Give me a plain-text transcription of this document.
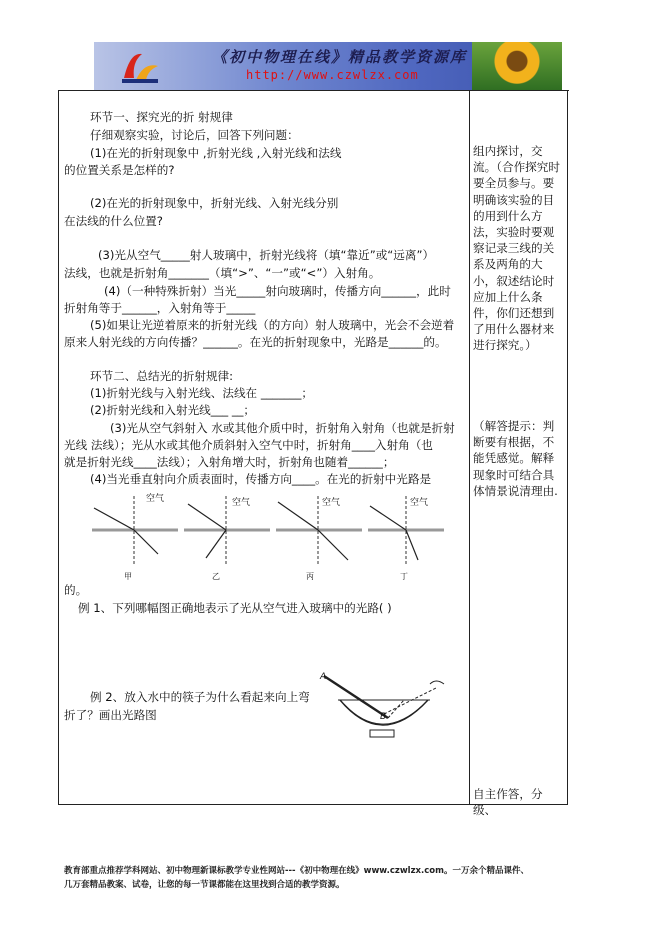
《初中物理在线》精品教学资源库
http://www.czwlzx.com
环节一、探究光的折 射规律
仔细观察实验，讨论后，回答下列问题：
(1)在光的折射现象中 ,折射光线 ,入射光线和法线
的位置关系是怎样的?
(2)在光的折射现象中，折射光线、入射光线分别
在法线的什么位置?
(3)光从空气_____射人玻璃中，折射光线将（填“靠近”或“远离”）
法线，也就是折射角_______（填“>”、“一”或“<”）入射角。
(4)（一种特殊折射）当光_____射向玻璃时，传播方向______，此时
折射角等于______，入射角等于_____
(5)如果让光逆着原来的折射光线（的方向）射人玻璃中，光会不会逆着
原来人射光线的方向传播？______。在光的折射现象中，光路是______的。
环节二、总结光的折射规律:
(1)折射光线与入射光线、法线在 _______；
(2)折射光线和入射光线___ __；
(3)光从空气斜射入 水或其他介质中时，折射角入射角（也就是折射
光线 法线）；光从水或其他介质斜射入空气中时，折射角____入射角（也
就是折射光线____法线）；入射角增大时，折射角也随着______；
(4)当光垂直射向介质表面时，传播方向____。在光的折射中光路是
空气	空气	空气	空气
甲	乙	丙	丁
的。
例 1、下列哪幅图正确地表示了光从空气进入玻璃中的光路( )
A
B
例 2、放入水中的筷子为什么看起来向上弯
折了？画出光路图
组内探讨，交流。（合作探究时要全员参与。要明确该实验的目的用到什么方法，实验时要观察记录三线的关系及两角的大小，叙述结论时应加上什么条件，你们还想到了用什么器材来进行探究。）
（解答提示：判断要有根据，不能凭感觉。解释现象时可结合具体情景说清理由.
自主作答，分级、
教育部重点推荐学科网站、初中物理新课标教学专业性网站---《初中物理在线》www.czwlzx.com。一万余个精品课件、
几万套精品教案、试卷，让您的每一节课都能在这里找到合适的教学资源。
